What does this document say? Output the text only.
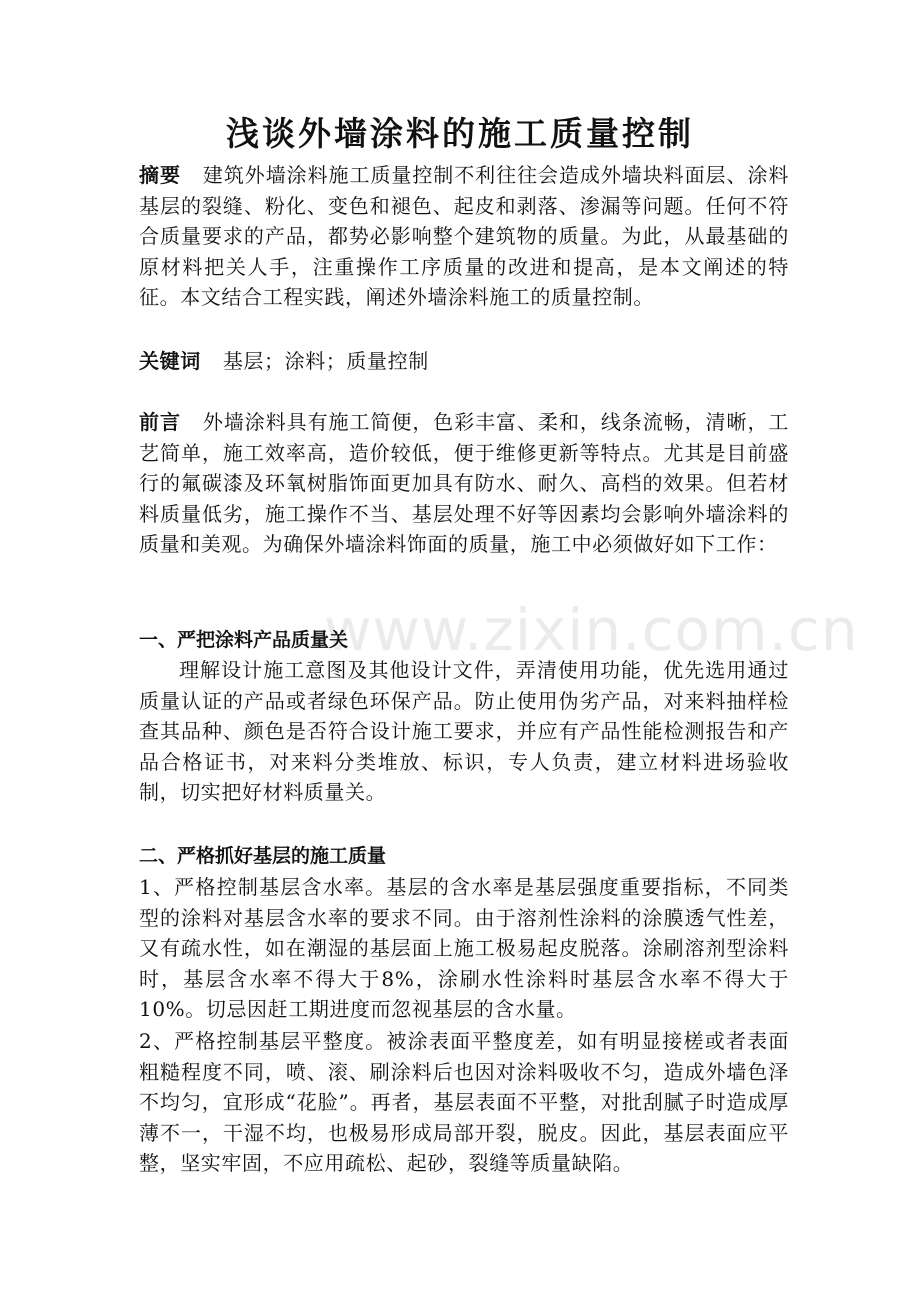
浅谈外墙涂料的施工质量控制

摘要 建筑外墙涂料施工质量控制不利往往会造成外墙块料面层、涂料基层的裂缝、粉化、变色和褪色、起皮和剥落、渗漏等问题。任何不符合质量要求的产品，都势必影响整个建筑物的质量。为此，从最基础的原材料把关人手，注重操作工序质量的改进和提高，是本文阐述的特征。本文结合工程实践，阐述外墙涂料施工的质量控制。

关键词 基层；涂料；质量控制

前言 外墙涂料具有施工简便，色彩丰富、柔和，线条流畅，清晰，工艺简单，施工效率高，造价较低，便于维修更新等特点。尤其是目前盛行的氟碳漆及环氧树脂饰面更加具有防水、耐久、高档的效果。但若材料质量低劣，施工操作不当、基层处理不好等因素均会影响外墙涂料的质量和美观。为确保外墙涂料饰面的质量，施工中必须做好如下工作：

一、严把涂料产品质量关

理解设计施工意图及其他设计文件，弄清使用功能，优先选用通过质量认证的产品或者绿色环保产品。防止使用伪劣产品，对来料抽样检查其品种、颜色是否符合设计施工要求，并应有产品性能检测报告和产品合格证书，对来料分类堆放、标识，专人负责，建立材料进场验收制，切实把好材料质量关。

二、严格抓好基层的施工质量

1、严格控制基层含水率。基层的含水率是基层强度重要指标，不同类型的涂料对基层含水率的要求不同。由于溶剂性涂料的涂膜透气性差，又有疏水性，如在潮湿的基层面上施工极易起皮脱落。涂刷溶剂型涂料时，基层含水率不得大于8%，涂刷水性涂料时基层含水率不得大于10%。切忌因赶工期进度而忽视基层的含水量。

2、严格控制基层平整度。被涂表面平整度差，如有明显接槎或者表面粗糙程度不同，喷、滚、刷涂料后也因对涂料吸收不匀，造成外墙色泽不均匀，宜形成“花脸”。再者，基层表面不平整，对批刮腻子时造成厚薄不一，干湿不均，也极易形成局部开裂，脱皮。因此，基层表面应平整，坚实牢固，不应用疏松、起砂，裂缝等质量缺陷。

www.zixin.com.cn
